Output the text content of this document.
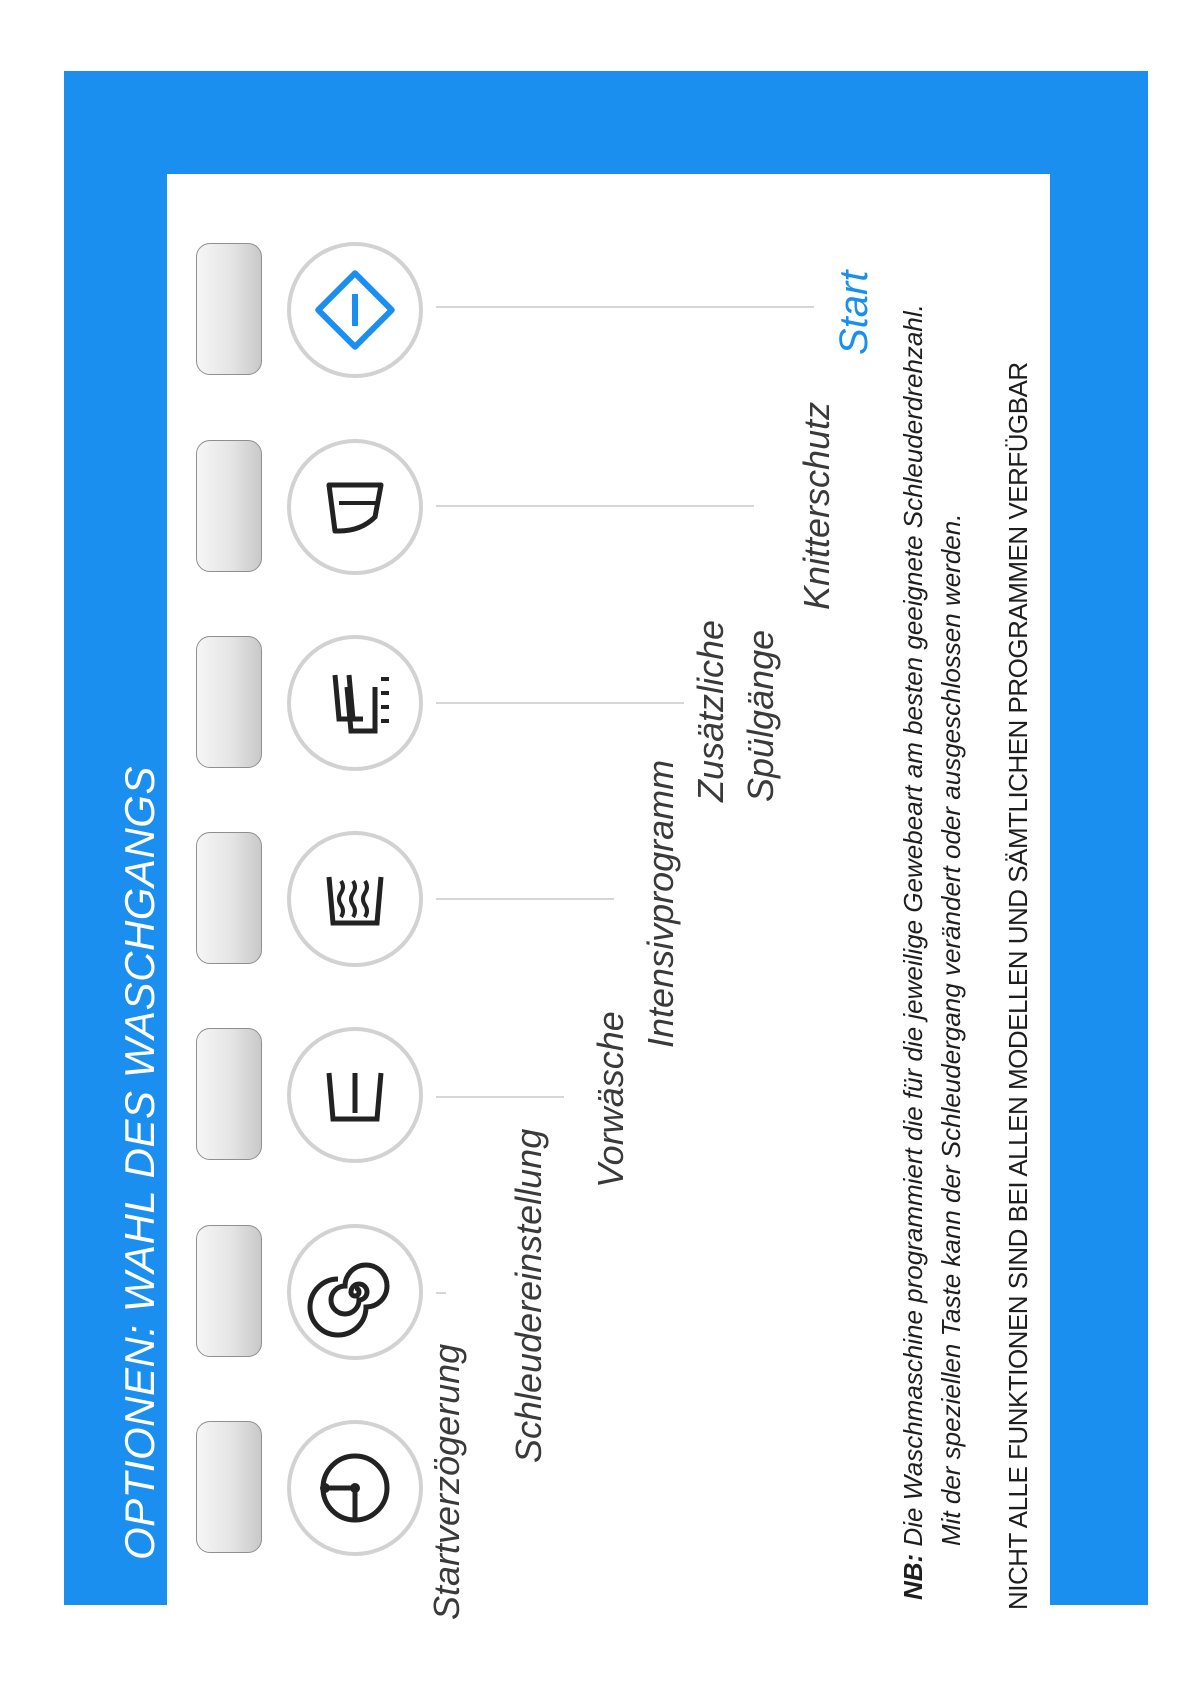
OPTIONEN: WAHL DES WASCHGANGS	Startverzögerung
Schleudereinstellung
Vorwäsche
Intensivprogramm
Zusätzliche Spülgänge
Knitterschutz
Start
NB: Die Waschmaschine programmiert die für die jeweilige Gewebeart am besten geeignete Schleuderdrehzahl. Mit der speziellen Taste kann der Schleudergang verändert oder ausgeschlossen werden. NICHT ALLE FUNKTIONEN SIND BEI ALLEN MODELLEN UND SÄMTLICHEN PROGRAMMEN VERFÜGBAR
